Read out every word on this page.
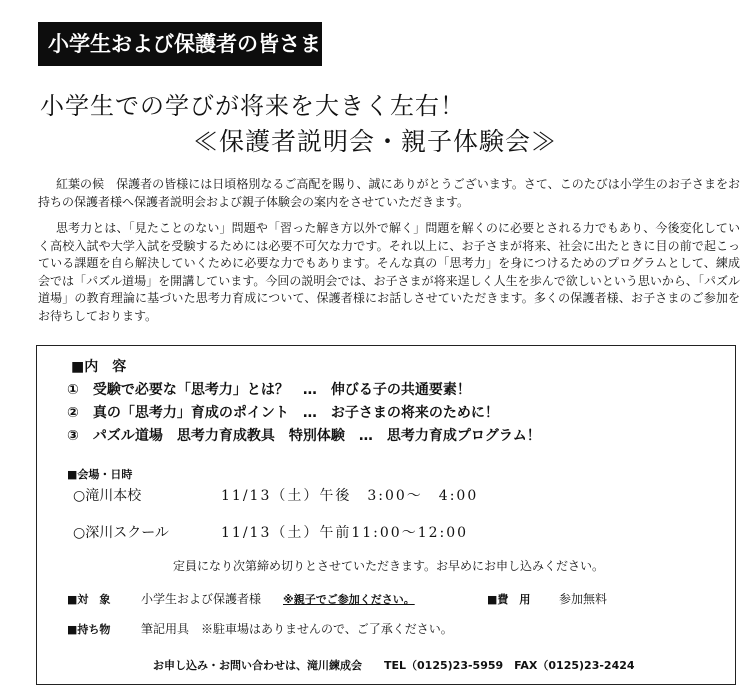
小学生および保護者の皆さま
小学生での学びが将来を大きく左右！
≪保護者説明会・親子体験会≫
紅葉の候　保護者の皆様には日頃格別なるご高配を賜り、誠にありがとうございます。さて、このたびは小学生のお子さまをお持ちの保護者様へ保護者説明会および親子体験会の案内をさせていただきます。
思考力とは、「見たことのない」問題や「習った解き方以外で解く」問題を解くのに必要とされる力でもあり、今後変化していく高校入試や大学入試を受験するためには必要不可欠な力です。それ以上に、お子さまが将来、社会に出たときに目の前で起こっている課題を自ら解決していくために必要な力でもあります。そんな真の「思考力」を身につけるためのプログラムとして、練成会では「パズル道場」を開講しています。今回の説明会では、お子さまが将来逞しく人生を歩んで欲しいという思いから、「パズル道場」の教育理論に基づいた思考力育成について、保護者様にお話しさせていただきます。多くの保護者様、お子さまのご参加をお待ちしております。
■内　容
①　受験で必要な「思考力」とは？　…　伸びる子の共通要素！
②　真の「思考力」育成のポイント　…　お子さまの将来のために！
③　パズル道場　思考力育成教具　特別体験　…　思考力育成プログラム！
■会場・日時
○滝川本校	11/13（土）午後　3:00～　4:00
○深川スクール	11/13（土）午前11:00～12:00
定員になり次第締め切りとさせていただきます。お早めにお申し込みください。
■対　象	小学生および保護者様 ※親子でご参加ください。	■費　用 参加無料
■持ち物	筆記用具　※駐車場はありませんので、ご了承ください。
お申し込み・お問い合わせは、滝川練成会　　TEL（0125)23-5959　FAX（0125)23-2424
